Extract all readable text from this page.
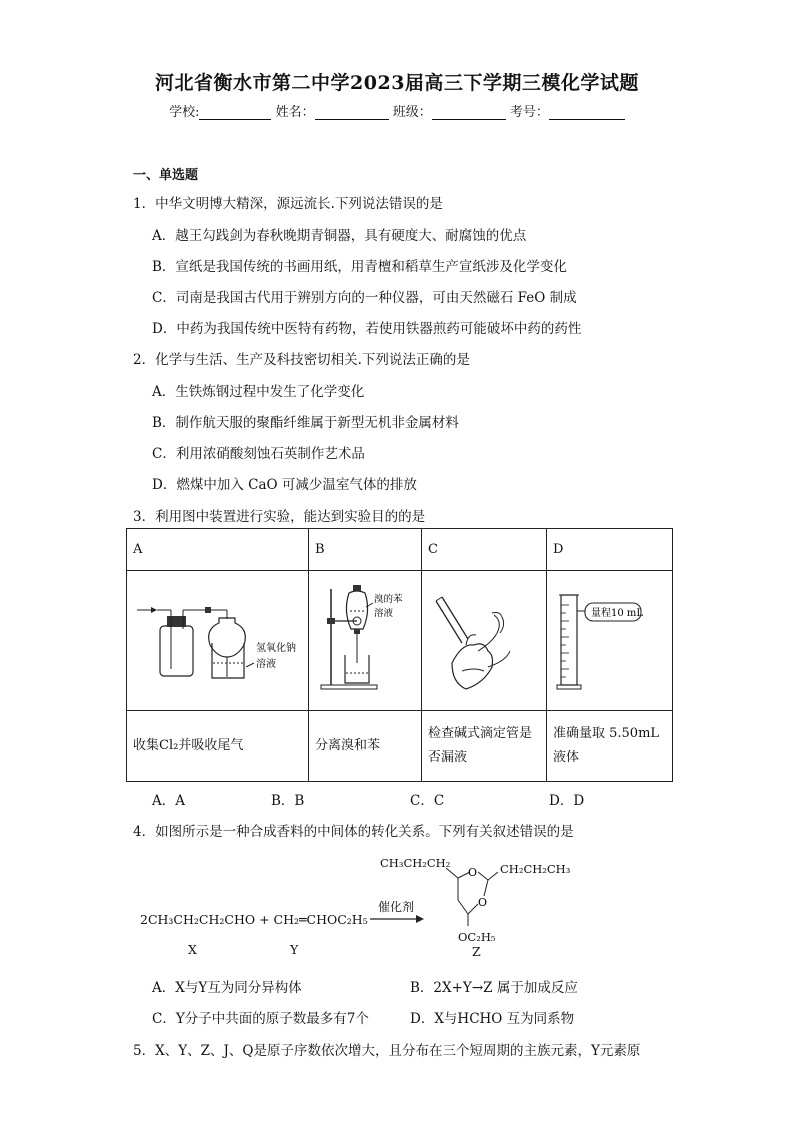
河北省衡水市第二中学2023届高三下学期三模化学试题
学校:	姓名：	班级：	考号：
一、单选题
1．中华文明博大精深，源远流长.下列说法错误的是
A．越王勾践剑为春秋晚期青铜器，具有硬度大、耐腐蚀的优点
B．宣纸是我国传统的书画用纸，用青檀和稻草生产宣纸涉及化学变化
C．司南是我国古代用于辨别方向的一种仪器，可由天然磁石 FeO 制成
D．中药为我国传统中医特有药物，若使用铁器煎药可能破坏中药的药性
2．化学与生活、生产及科技密切相关.下列说法正确的是
A．生铁炼钢过程中发生了化学变化
B．制作航天服的聚酯纤维属于新型无机非金属材料
C．利用浓硝酸刻蚀石英制作艺术品
D．燃煤中加入 CaO 可减少温室气体的排放
3．利用图中装置进行实验，能达到实验目的的是
A	B	C	D

氢氧化钠
溶液	溴的苯
溶液		量程10 mL

收集Cl₂并吸收尾气	分离溴和苯	检查碱式滴定管是否漏液	准确量取 5.50mL 液体
A．A	B．B	C．C	D．D
4．如图所示是一种合成香料的中间体的转化关系。下列有关叙述错误的是
2CH₃CH₂CH₂CHO + CH₂═CHOC₂H₅
X	Y
催化剂
CH₃CH₂CH₂	CH₂CH₂CH₃
O
O
OC₂H₅
Z
A．X与Y互为同分异构体	B．2X+Y→Z 属于加成反应
C．Y分子中共面的原子数最多有7个	D．X与HCHO 互为同系物
5．X、Y、Z、J、Q是原子序数依次增大，且分布在三个短周期的主族元素，Y元素原
